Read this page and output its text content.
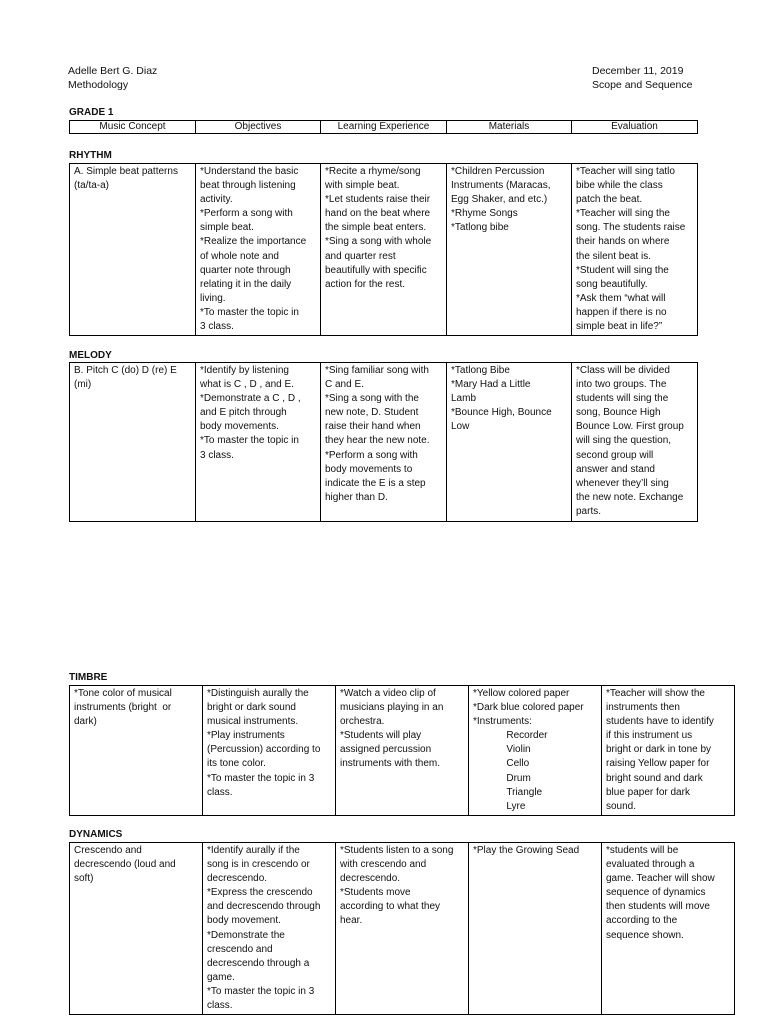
Adelle Bert G. Diaz
Methodology
December 11, 2019
Scope and Sequence
GRADE 1
Music Concept	Objectives	Learning Experience	Materials	Evaluation
RHYTHM
A. Simple beat patterns
(ta/ta-a)

*Understand the basic
beat through listening
activity.
*Perform a song with
simple beat.
*Realize the importance
of whole note and
quarter note through
relating it in the daily
living.
*To master the topic in
3 class.

*Recite a rhyme/song
with simple beat.
*Let students raise their
hand on the beat where
the simple beat enters.
*Sing a song with whole
and quarter rest
beautifully with specific
action for the rest.

*Children Percussion
Instruments (Maracas,
Egg Shaker, and etc.)
*Rhyme Songs
*Tatlong bibe

*Teacher will sing tatlo
bibe while the class
patch the beat.
*Teacher will sing the
song. The students raise
their hands on where
the silent beat is.
*Student will sing the
song beautifully.
*Ask them “what will
happen if there is no
simple beat in life?”
MELODY
B. Pitch C (do) D (re) E
(mi)

*Identify by listening
what is C , D , and E.
*Demonstrate a C , D ,
and E pitch through
body movements.
*To master the topic in
3 class.

*Sing familiar song with
C and E.
*Sing a song with the
new note, D. Student
raise their hand when
they hear the new note.
*Perform a song with
body movements to
indicate the E is a step
higher than D.

*Tatlong Bibe
*Mary Had a Little
Lamb
*Bounce High, Bounce
Low

*Class will be divided
into two groups. The
students will sing the
song, Bounce High
Bounce Low. First group
will sing the question,
second group will
answer and stand
whenever they’ll sing
the new note. Exchange
parts.
TIMBRE
*Tone color of musical
instruments (bright  or
dark)

*Distinguish aurally the
bright or dark sound
musical instruments.
*Play instruments
(Percussion) according to
its tone color.
*To master the topic in 3
class.

*Watch a video clip of
musicians playing in an
orchestra.
*Students will play
assigned percussion
instruments with them.

*Yellow colored paper
*Dark blue colored paper
*Instruments:
Recorder
Violin
Cello
Drum
Triangle
Lyre

*Teacher will show the
instruments then
students have to identify
if this instrument us
bright or dark in tone by
raising Yellow paper for
bright sound and dark
blue paper for dark
sound.
DYNAMICS
Crescendo and
decrescendo (loud and
soft)

*Identify aurally if the
song is in crescendo or
decrescendo.
*Express the crescendo
and decrescendo through
body movement.
*Demonstrate the
crescendo and
decrescendo through a
game.
*To master the topic in 3
class.

*Students listen to a song
with crescendo and
decrescendo.
*Students move
according to what they
hear.

*Play the Growing Sead	*students will be
evaluated through a
game. Teacher will show
sequence of dynamics
then students will move
according to the
sequence shown.
